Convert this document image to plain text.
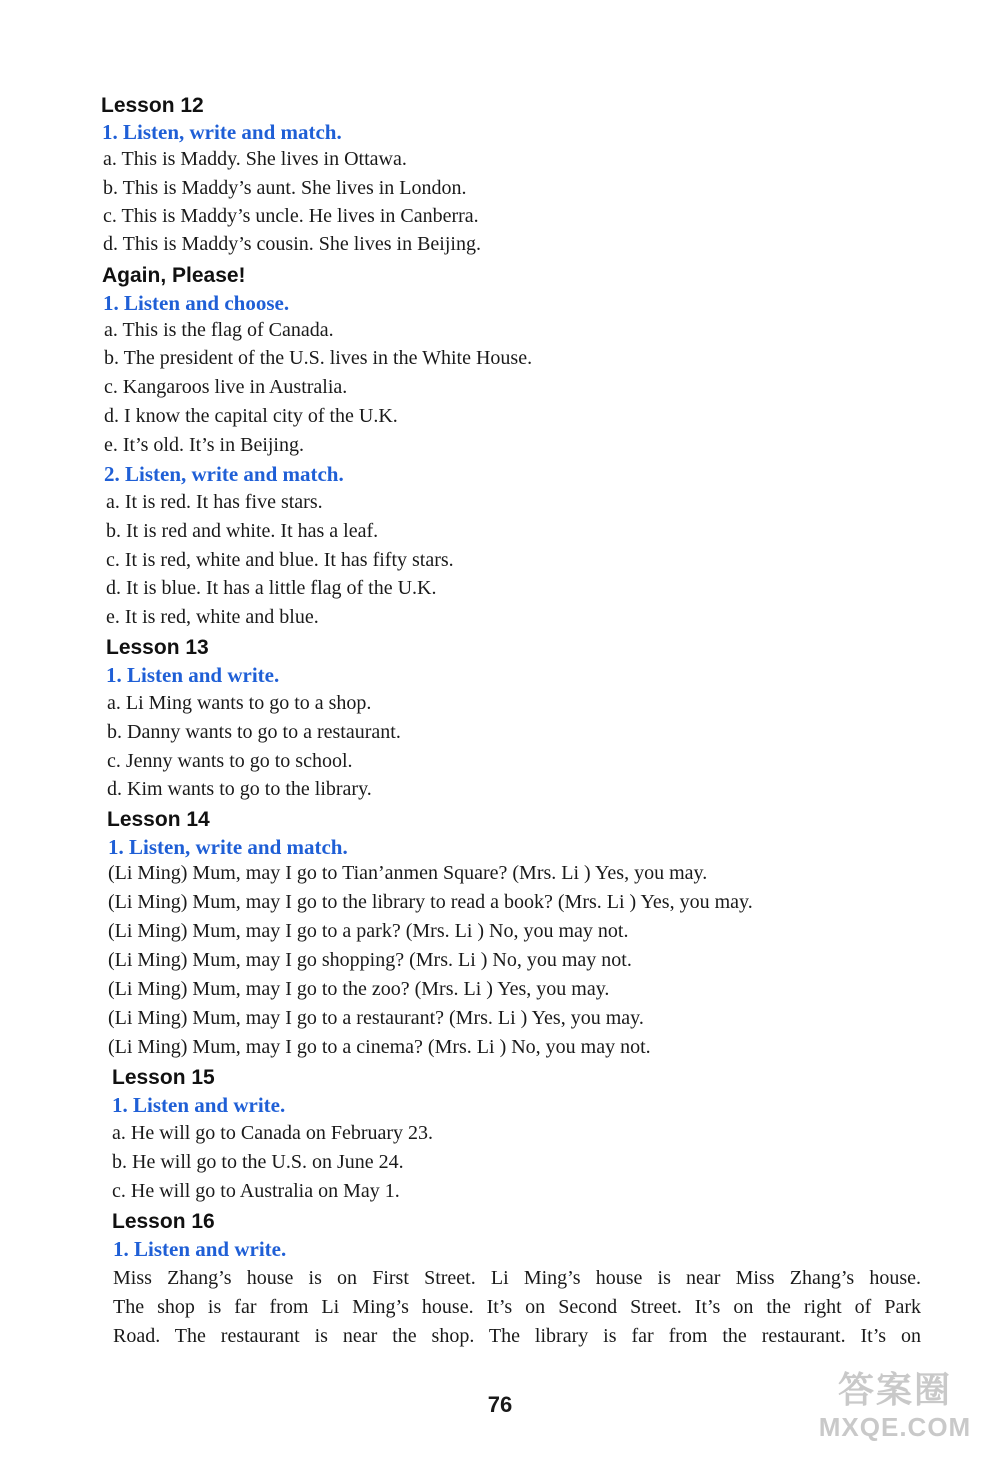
Lesson 12
1. Listen, write and match.
a. This is Maddy. She lives in Ottawa.
b. This is Maddy’s aunt. She lives in London.
c. This is Maddy’s uncle. He lives in Canberra.
d. This is Maddy’s cousin. She lives in Beijing.
Again, Please!
1. Listen and choose.
a. This is the flag of Canada.
b. The president of the U.S. lives in the White House.
c. Kangaroos live in Australia.
d. I know the capital city of the U.K.
e. It’s old. It’s in Beijing.
2. Listen, write and match.
a. It is red. It has five stars.
b. It is red and white. It has a leaf.
c. It is red, white and blue. It has fifty stars.
d. It is blue. It has a little flag of the U.K.
e. It is red, white and blue.
Lesson 13
1. Listen and write.
a. Li Ming wants to go to a shop.
b. Danny wants to go to a restaurant.
c. Jenny wants to go to school.
d. Kim wants to go to the library.
Lesson 14
1. Listen, write and match.
(Li Ming) Mum, may I go to Tian’anmen Square? (Mrs. Li ) Yes, you may.
(Li Ming) Mum, may I go to the library to read a book? (Mrs. Li ) Yes, you may.
(Li Ming) Mum, may I go to a park? (Mrs. Li ) No, you may not.
(Li Ming) Mum, may I go shopping? (Mrs. Li ) No, you may not.
(Li Ming) Mum, may I go to the zoo? (Mrs. Li ) Yes, you may.
(Li Ming) Mum, may I go to a restaurant? (Mrs. Li ) Yes, you may.
(Li Ming) Mum, may I go to a cinema? (Mrs. Li ) No, you may not.
Lesson 15
1. Listen and write.
a. He will go to Canada on February 23.
b. He will go to the U.S. on June 24.
c. He will go to Australia on May 1.
Lesson 16
1. Listen and write.
Miss Zhang’s house is on First Street. Li Ming’s house is near Miss Zhang’s house.
The shop is far from Li Ming’s house. It’s on Second Street. It’s on the right of Park
Road. The restaurant is near the shop. The library is far from the restaurant. It’s on
76	答案圈
MXQE.COM
